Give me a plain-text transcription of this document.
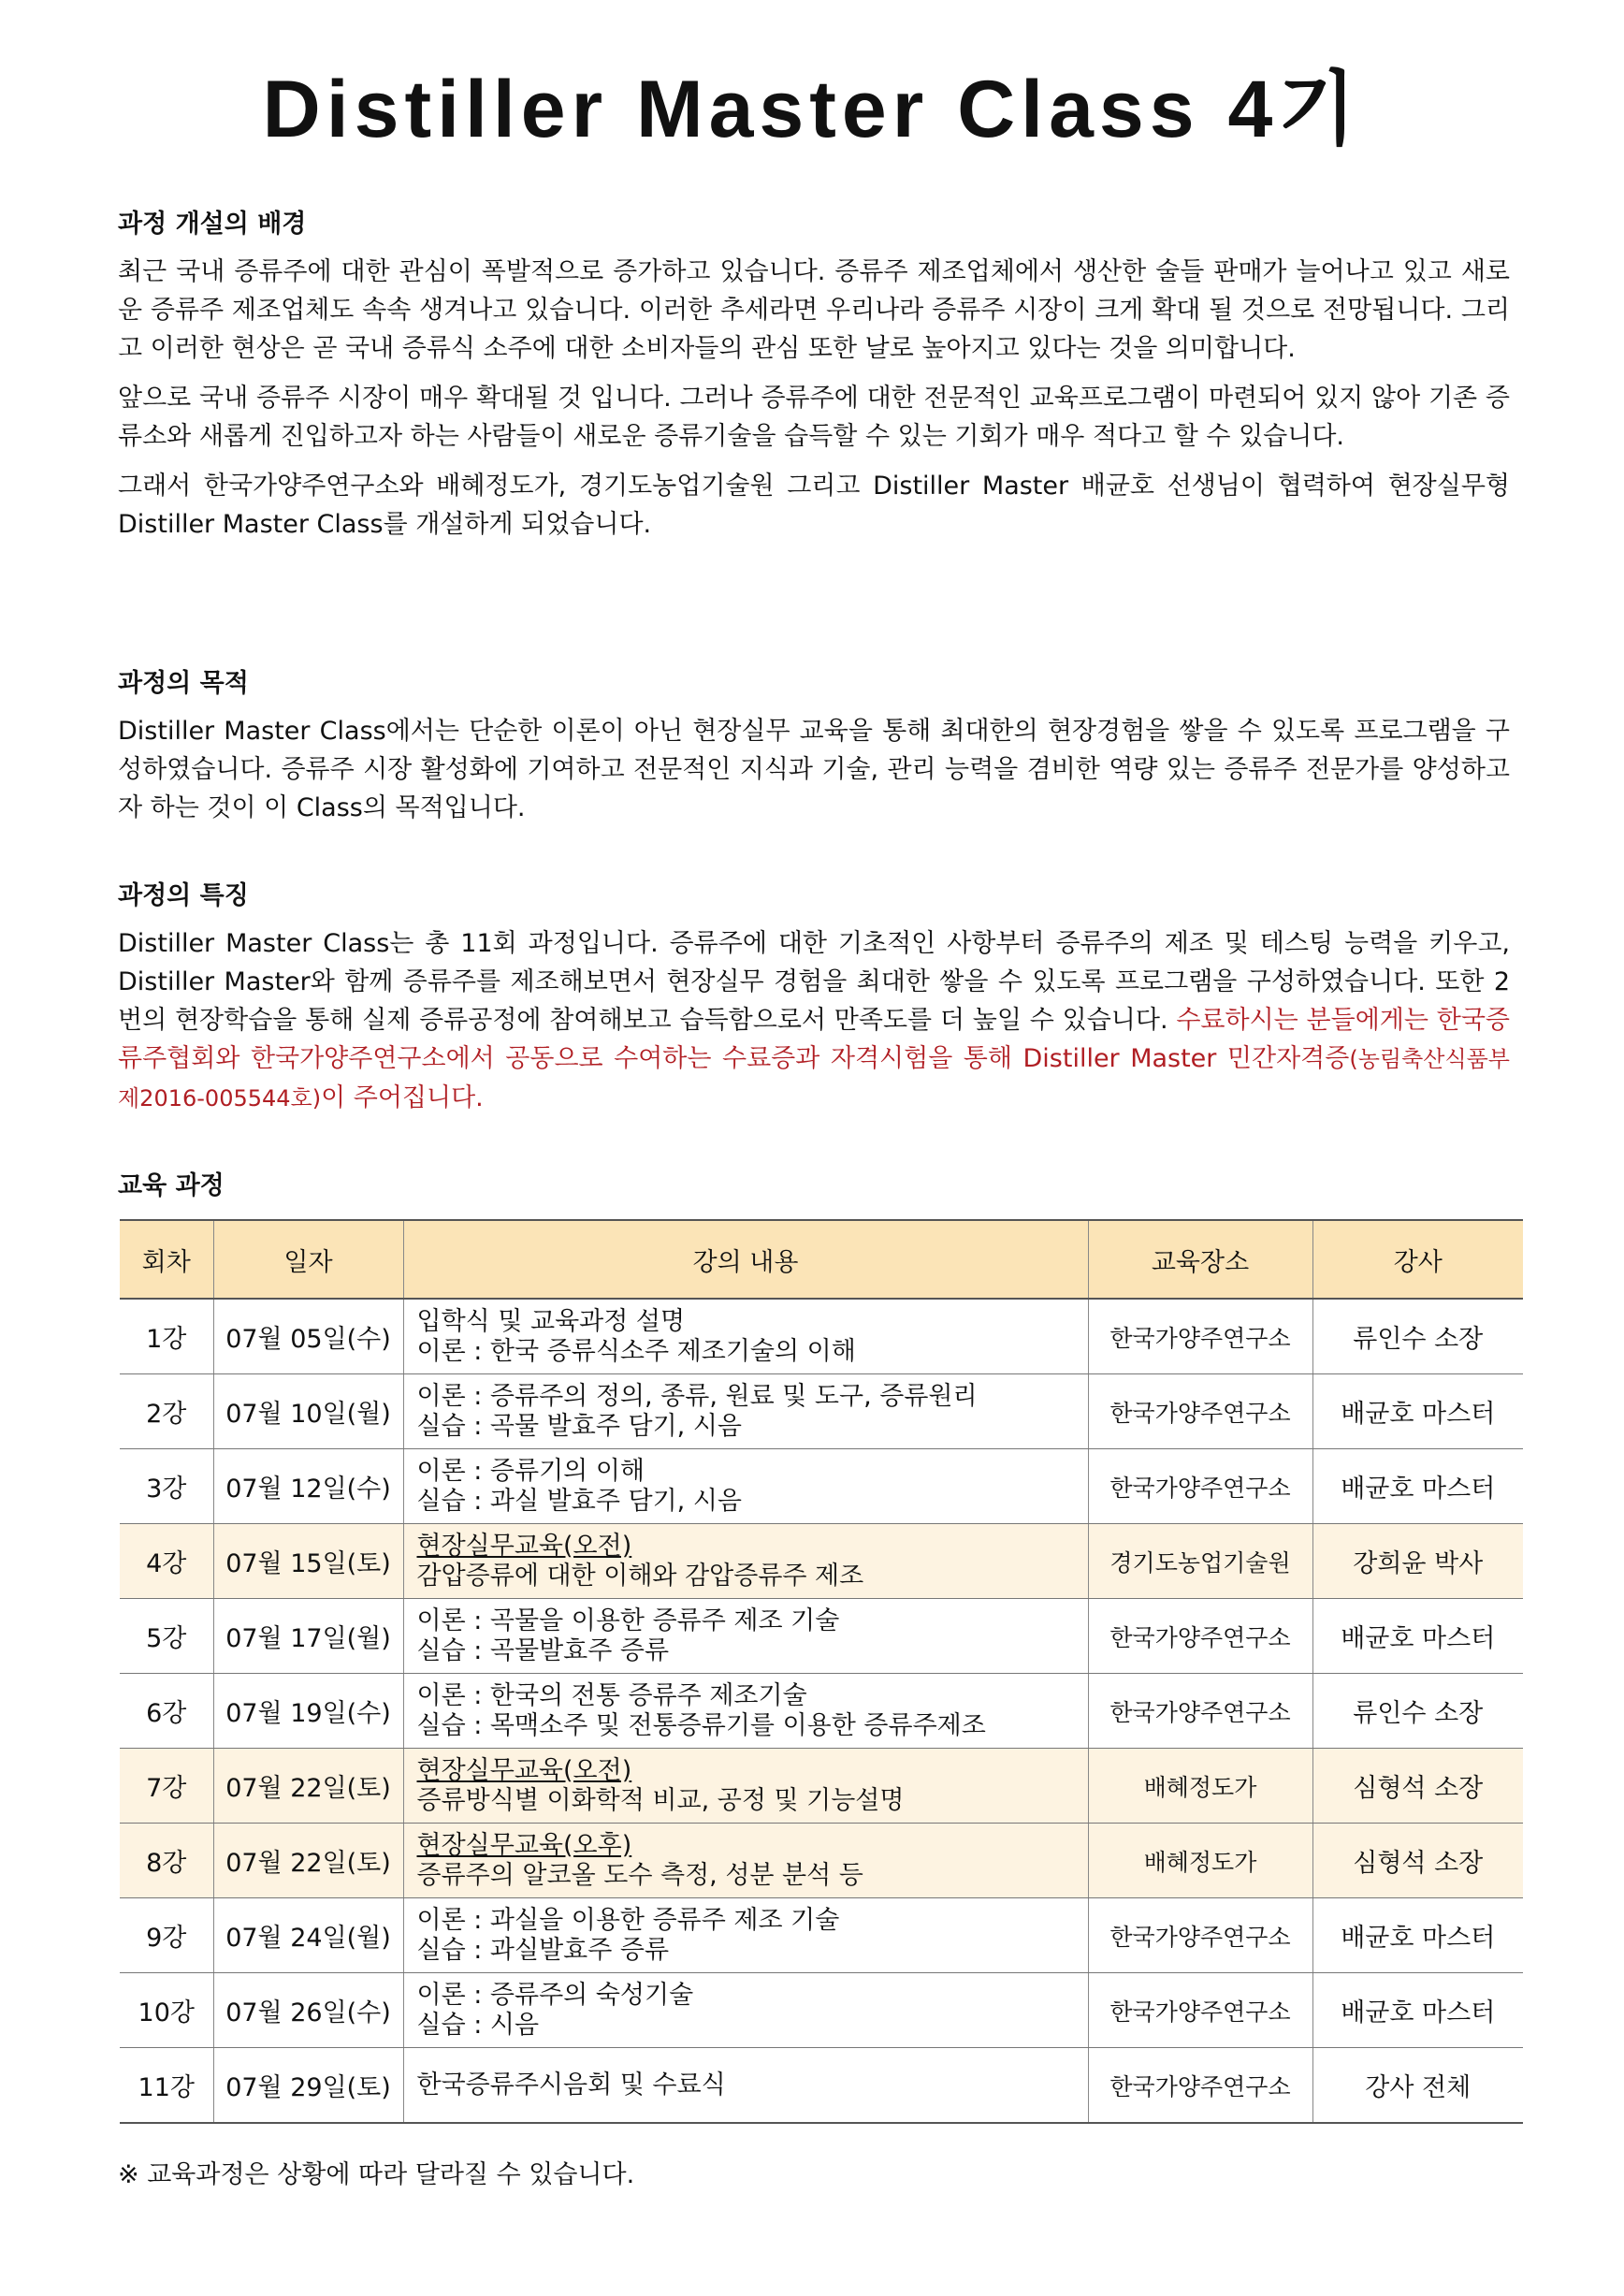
Distiller Master Class 4기

과정 개설의 배경

최근 국내 증류주에 대한 관심이 폭발적으로 증가하고 있습니다. 증류주 제조업체에서 생산한 술들 판매가 늘어나고 있고 새로운 증류주 제조업체도 속속 생겨나고 있습니다. 이러한 추세라면 우리나라 증류주 시장이 크게 확대 될 것으로 전망됩니다. 그리고 이러한 현상은 곧 국내 증류식 소주에 대한 소비자들의 관심 또한 날로 높아지고 있다는 것을 의미합니다.

앞으로 국내 증류주 시장이 매우 확대될 것 입니다. 그러나 증류주에 대한 전문적인 교육프로그램이 마련되어 있지 않아 기존 증류소와 새롭게 진입하고자 하는 사람들이 새로운 증류기술을 습득할 수 있는 기회가 매우 적다고 할 수 있습니다.

그래서 한국가양주연구소와 배혜정도가, 경기도농업기술원 그리고 Distiller Master 배균호 선생님이 협력하여 현장실무형 Distiller Master Class를 개설하게 되었습니다.

과정의 목적

Distiller Master Class에서는 단순한 이론이 아닌 현장실무 교육을 통해 최대한의 현장경험을 쌓을 수 있도록 프로그램을 구성하였습니다. 증류주 시장 활성화에 기여하고 전문적인 지식과 기술, 관리 능력을 겸비한 역량 있는 증류주 전문가를 양성하고자 하는 것이 이 Class의 목적입니다.

과정의 특징

Distiller Master Class는 총 11회 과정입니다. 증류주에 대한 기초적인 사항부터 증류주의 제조 및 테스팅 능력을 키우고, Distiller Master와 함께 증류주를 제조해보면서 현장실무 경험을 최대한 쌓을 수 있도록 프로그램을 구성하였습니다. 또한 2번의 현장학습을 통해 실제 증류공정에 참여해보고 습득함으로서 만족도를 더 높일 수 있습니다. 수료하시는 분들에게는 한국증류주협회와 한국가양주연구소에서 공동으로 수여하는 수료증과 자격시험을 통해 Distiller Master 민간자격증(농림축산식품부 제2016-005544호)이 주어집니다.

교육 과정

회차	일자	강의 내용	교육장소	강사
1강	07월 05일(수)	입학식 및 교육과정 설명
이론 : 한국 증류식소주 제조기술의 이해	한국가양주연구소	류인수 소장
2강	07월 10일(월)	이론 : 증류주의 정의, 종류, 원료 및 도구, 증류원리
실습 : 곡물 발효주 담기, 시음	한국가양주연구소	배균호 마스터
3강	07월 12일(수)	이론 : 증류기의 이해
실습 : 과실 발효주 담기, 시음	한국가양주연구소	배균호 마스터
4강	07월 15일(토)	현장실무교육(오전)
감압증류에 대한 이해와 감압증류주 제조	경기도농업기술원	강희윤 박사
5강	07월 17일(월)	이론 : 곡물을 이용한 증류주 제조 기술
실습 : 곡물발효주 증류	한국가양주연구소	배균호 마스터
6강	07월 19일(수)	이론 : 한국의 전통 증류주 제조기술
실습 : 목맥소주 및 전통증류기를 이용한 증류주제조	한국가양주연구소	류인수 소장
7강	07월 22일(토)	현장실무교육(오전)
증류방식별 이화학적 비교, 공정 및 기능설명	배혜정도가	심형석 소장
8강	07월 22일(토)	현장실무교육(오후)
증류주의 알코올 도수 측정, 성분 분석 등	배혜정도가	심형석 소장
9강	07월 24일(월)	이론 : 과실을 이용한 증류주 제조 기술
실습 : 과실발효주 증류	한국가양주연구소	배균호 마스터
10강	07월 26일(수)	이론 : 증류주의 숙성기술
실습 : 시음	한국가양주연구소	배균호 마스터
11강	07월 29일(토)	한국증류주시음회 및 수료식	한국가양주연구소	강사 전체
※ 교육과정은 상황에 따라 달라질 수 있습니다.
